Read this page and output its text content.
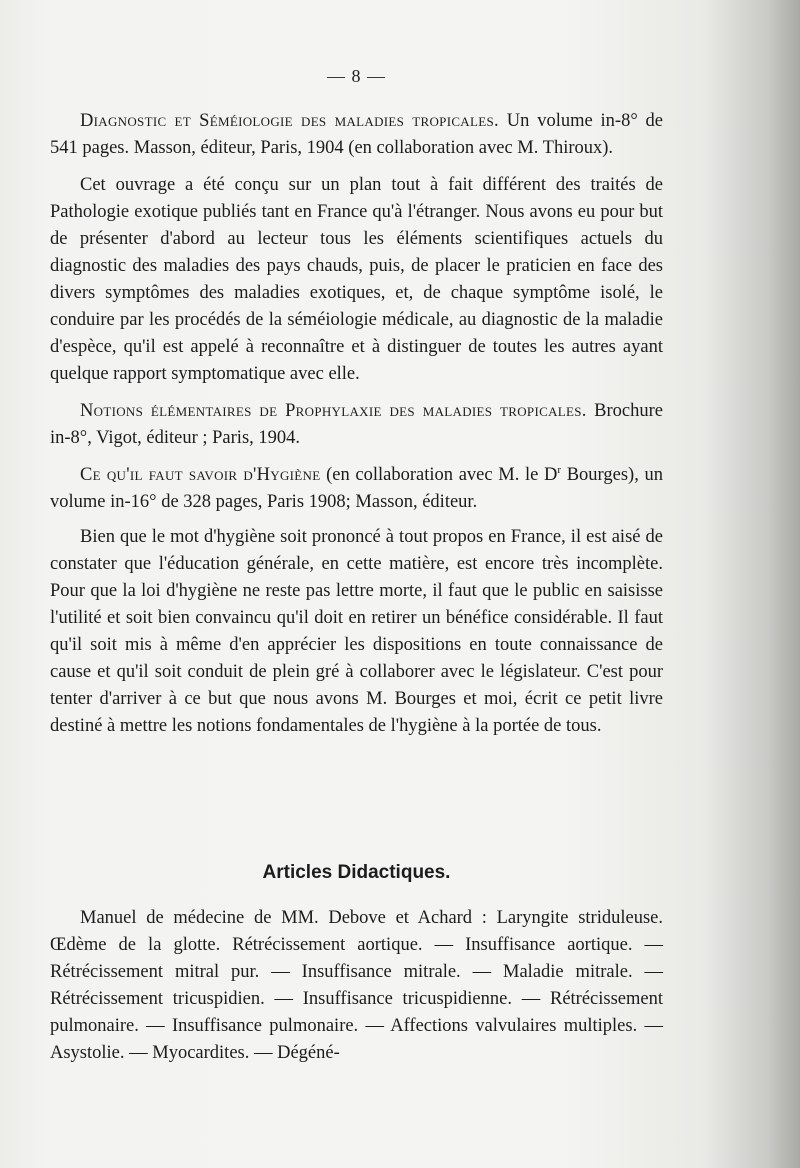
— 8 —

Diagnostic et Séméiologie des maladies tropicales. Un volume in-8° de 541 pages. Masson, éditeur, Paris, 1904 (en collaboration avec M. Thiroux).

Cet ouvrage a été conçu sur un plan tout à fait différent des traités de Pathologie exotique publiés tant en France qu'à l'étranger. Nous avons eu pour but de présenter d'abord au lecteur tous les éléments scientifiques actuels du diagnostic des maladies des pays chauds, puis, de placer le praticien en face des divers symptômes des maladies exotiques, et, de chaque symptôme isolé, le conduire par les procédés de la séméiologie médicale, au diagnostic de la maladie d'espèce, qu'il est appelé à reconnaître et à distinguer de toutes les autres ayant quelque rapport symptomatique avec elle.

Notions élémentaires de Prophylaxie des maladies tropicales. Brochure in-8°, Vigot, éditeur ; Paris, 1904.

Ce qu'il faut savoir d'Hygiène (en collaboration avec M. le $D^r$ Bourges), un volume in-16° de 328 pages, Paris 1908; Masson, éditeur.

Bien que le mot d'hygiène soit prononcé à tout propos en France, il est aisé de constater que l'éducation générale, en cette matière, est encore très incomplète. Pour que la loi d'hygiène ne reste pas lettre morte, il faut que le public en saisisse l'utilité et soit bien convaincu qu'il doit en retirer un bénéfice considérable. Il faut qu'il soit mis à même d'en apprécier les dispositions en toute connaissance de cause et qu'il soit conduit de plein gré à collaborer avec le législateur. C'est pour tenter d'arriver à ce but que nous avons M. Bourges et moi, écrit ce petit livre destiné à mettre les notions fondamentales de l'hygiène à la portée de tous.

Articles Didactiques.

Manuel de médecine de MM. Debove et Achard : Laryngite striduleuse. Œdème de la glotte. Rétrécissement aortique. — Insuffisance aortique. — Rétrécissement mitral pur. — Insuffisance mitrale. — Maladie mitrale. — Rétrécissement tricuspidien. — Insuffisance tricuspidienne. — Rétrécissement pulmonaire. — Insuffisance pulmonaire. — Affections valvulaires multiples. — Asystolie. — Myocardites. — Dégéné-
